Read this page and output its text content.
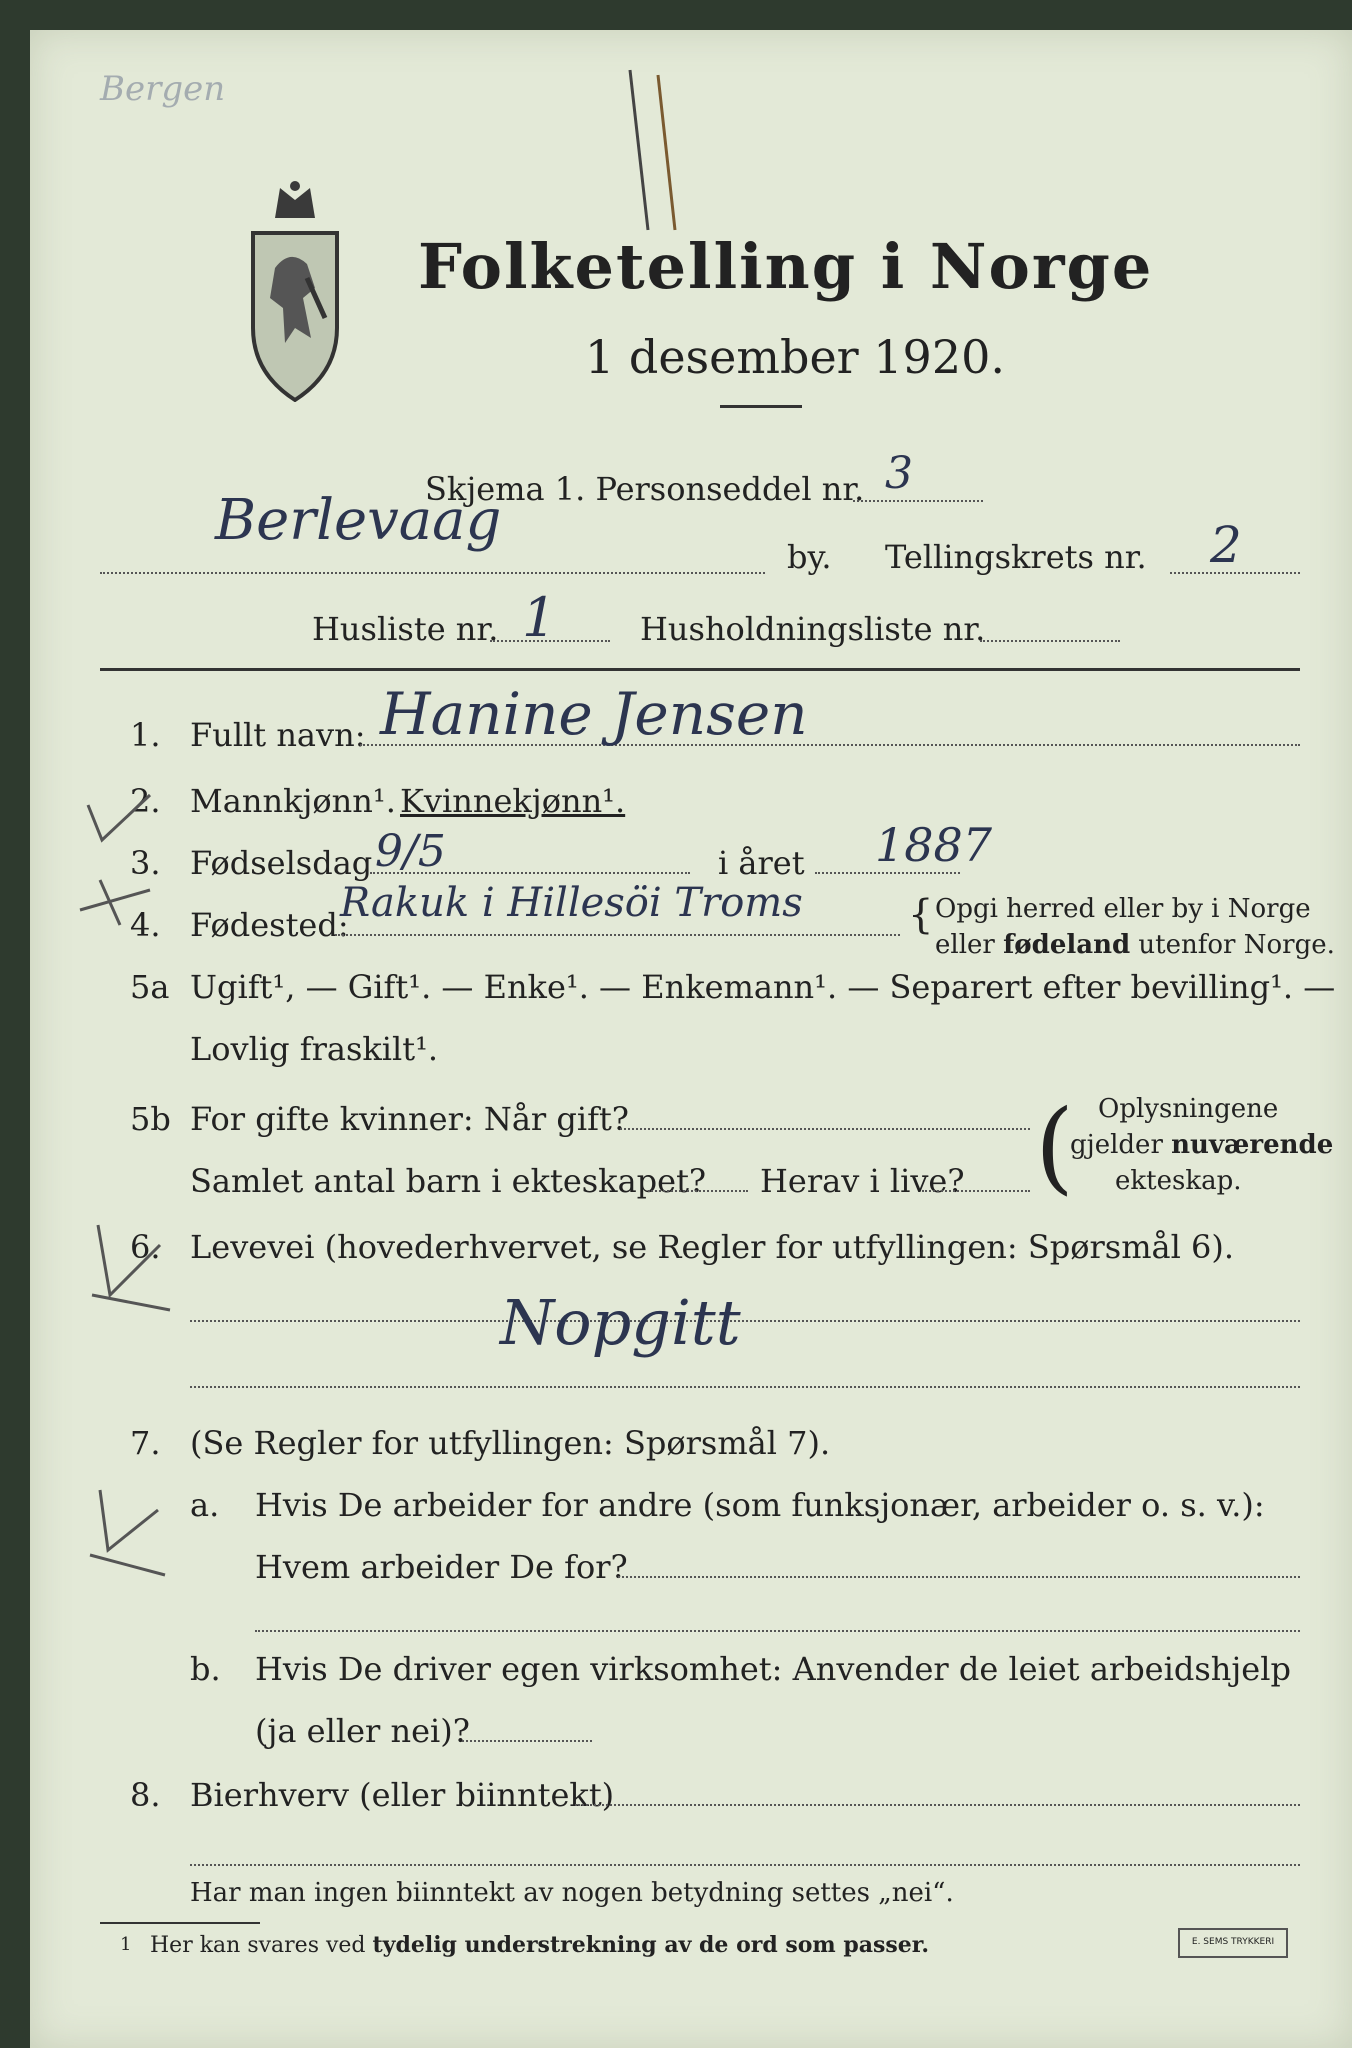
Bergen
Folketelling i Norge
1 desember 1920.
Skjema 1. Personseddel nr. 3
Berlevaag
by. Tellingskrets nr. 2
Husliste nr. 1	Husholdningsliste nr.
1. Fullt navn: Hanine Jensen
2. Mannkjønn¹. Kvinnekjønn¹.
3. Fødselsdag 9/5	i året 1887
4. Fødested:
Rakuk i Hillesöi Troms	{ Opgi herred eller by i Norge
eller fødeland utenfor Norge.
5a Ugift¹, — Gift¹. — Enke¹. — Enkemann¹. — Separert efter bevilling¹. —
Lovlig fraskilt¹.
5b For gifte kvinner: Når gift?
Samlet antal barn i ekteskapet? Herav i live? ( Oplysningene
gjelder nuværende
ekteskap.
6. Levevei (hovederhvervet, se Regler for utfyllingen: Spørsmål 6).
Nopgitt
7. (Se Regler for utfyllingen: Spørsmål 7).
a. Hvis De arbeider for andre (som funksjonær, arbeider o. s. v.):
Hvem arbeider De for?
b. Hvis De driver egen virksomhet: Anvender de leiet arbeidshjelp
(ja eller nei)?
8. Bierhverv (eller biinntekt)
Har man ingen biinntekt av nogen betydning settes „nei“.
1 Her kan svares ved tydelig understrekning av de ord som passer.	E. SEMS TRYKKERI
